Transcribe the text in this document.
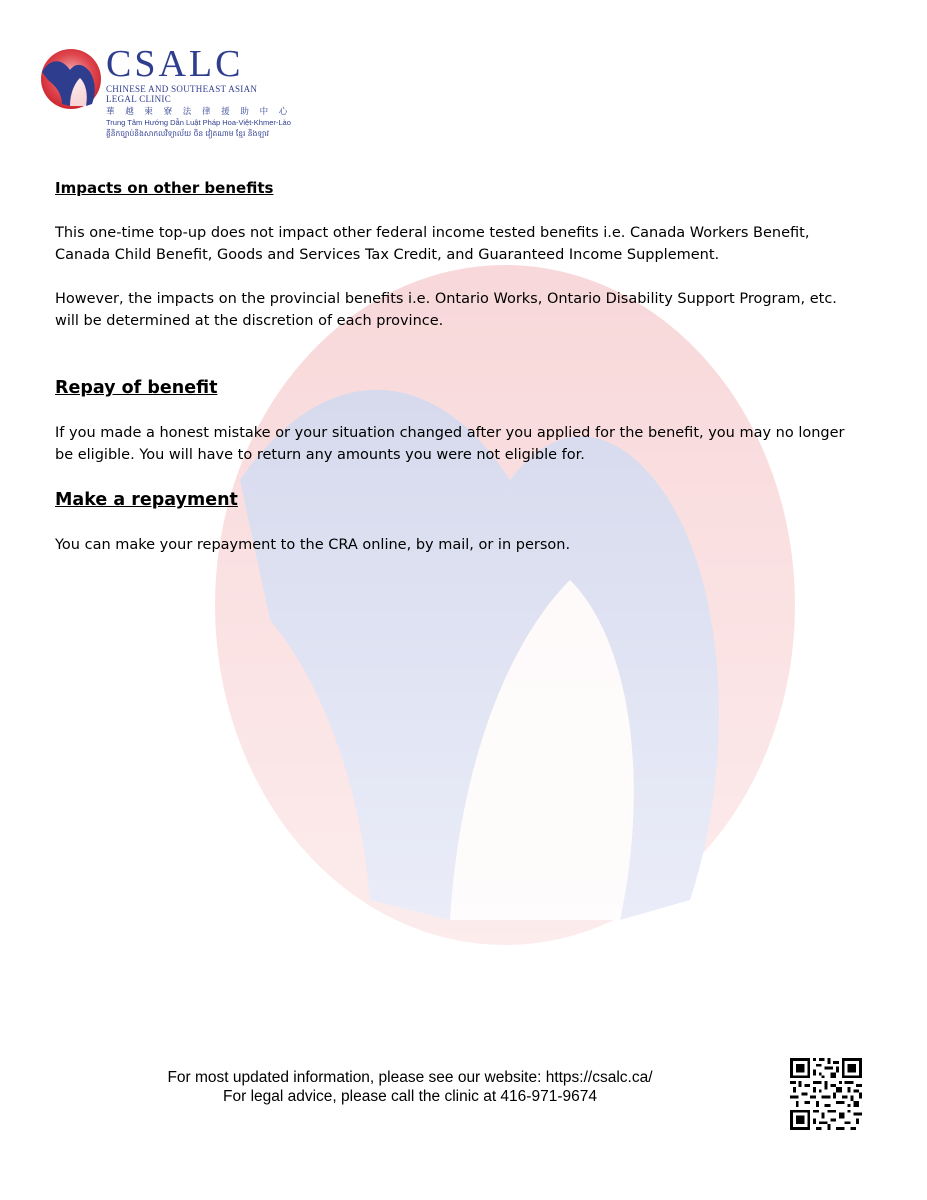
CSALC
CHINESE AND SOUTHEAST ASIAN
LEGAL CLINIC
華 越 柬 寮 法 律 援 助 中 心
Trung Tâm Hướng Dẫn Luật Pháp Hoa-Việt-Khmer-Lào
គ្លីនិកច្បាប់និងសាកលវិទ្យាល័យ ចិន វៀតណាម ខ្មែរ និងឡាវ
Impacts on other benefits

This one-time top-up does not impact other federal income tested benefits i.e. Canada Workers Benefit,
Canada Child Benefit, Goods and Services Tax Credit, and Guaranteed Income Supplement.

However, the impacts on the provincial benefits i.e. Ontario Works, Ontario Disability Support Program, etc.
will be determined at the discretion of each province.

Repay of benefit

If you made a honest mistake or your situation changed after you applied for the benefit, you may no longer
be eligible. You will have to return any amounts you were not eligible for.

Make a repayment

You can make your repayment to the CRA online, by mail, or in person.

For most updated information, please see our website: https://csalc.ca/
For legal advice, please call the clinic at 416-971-9674
